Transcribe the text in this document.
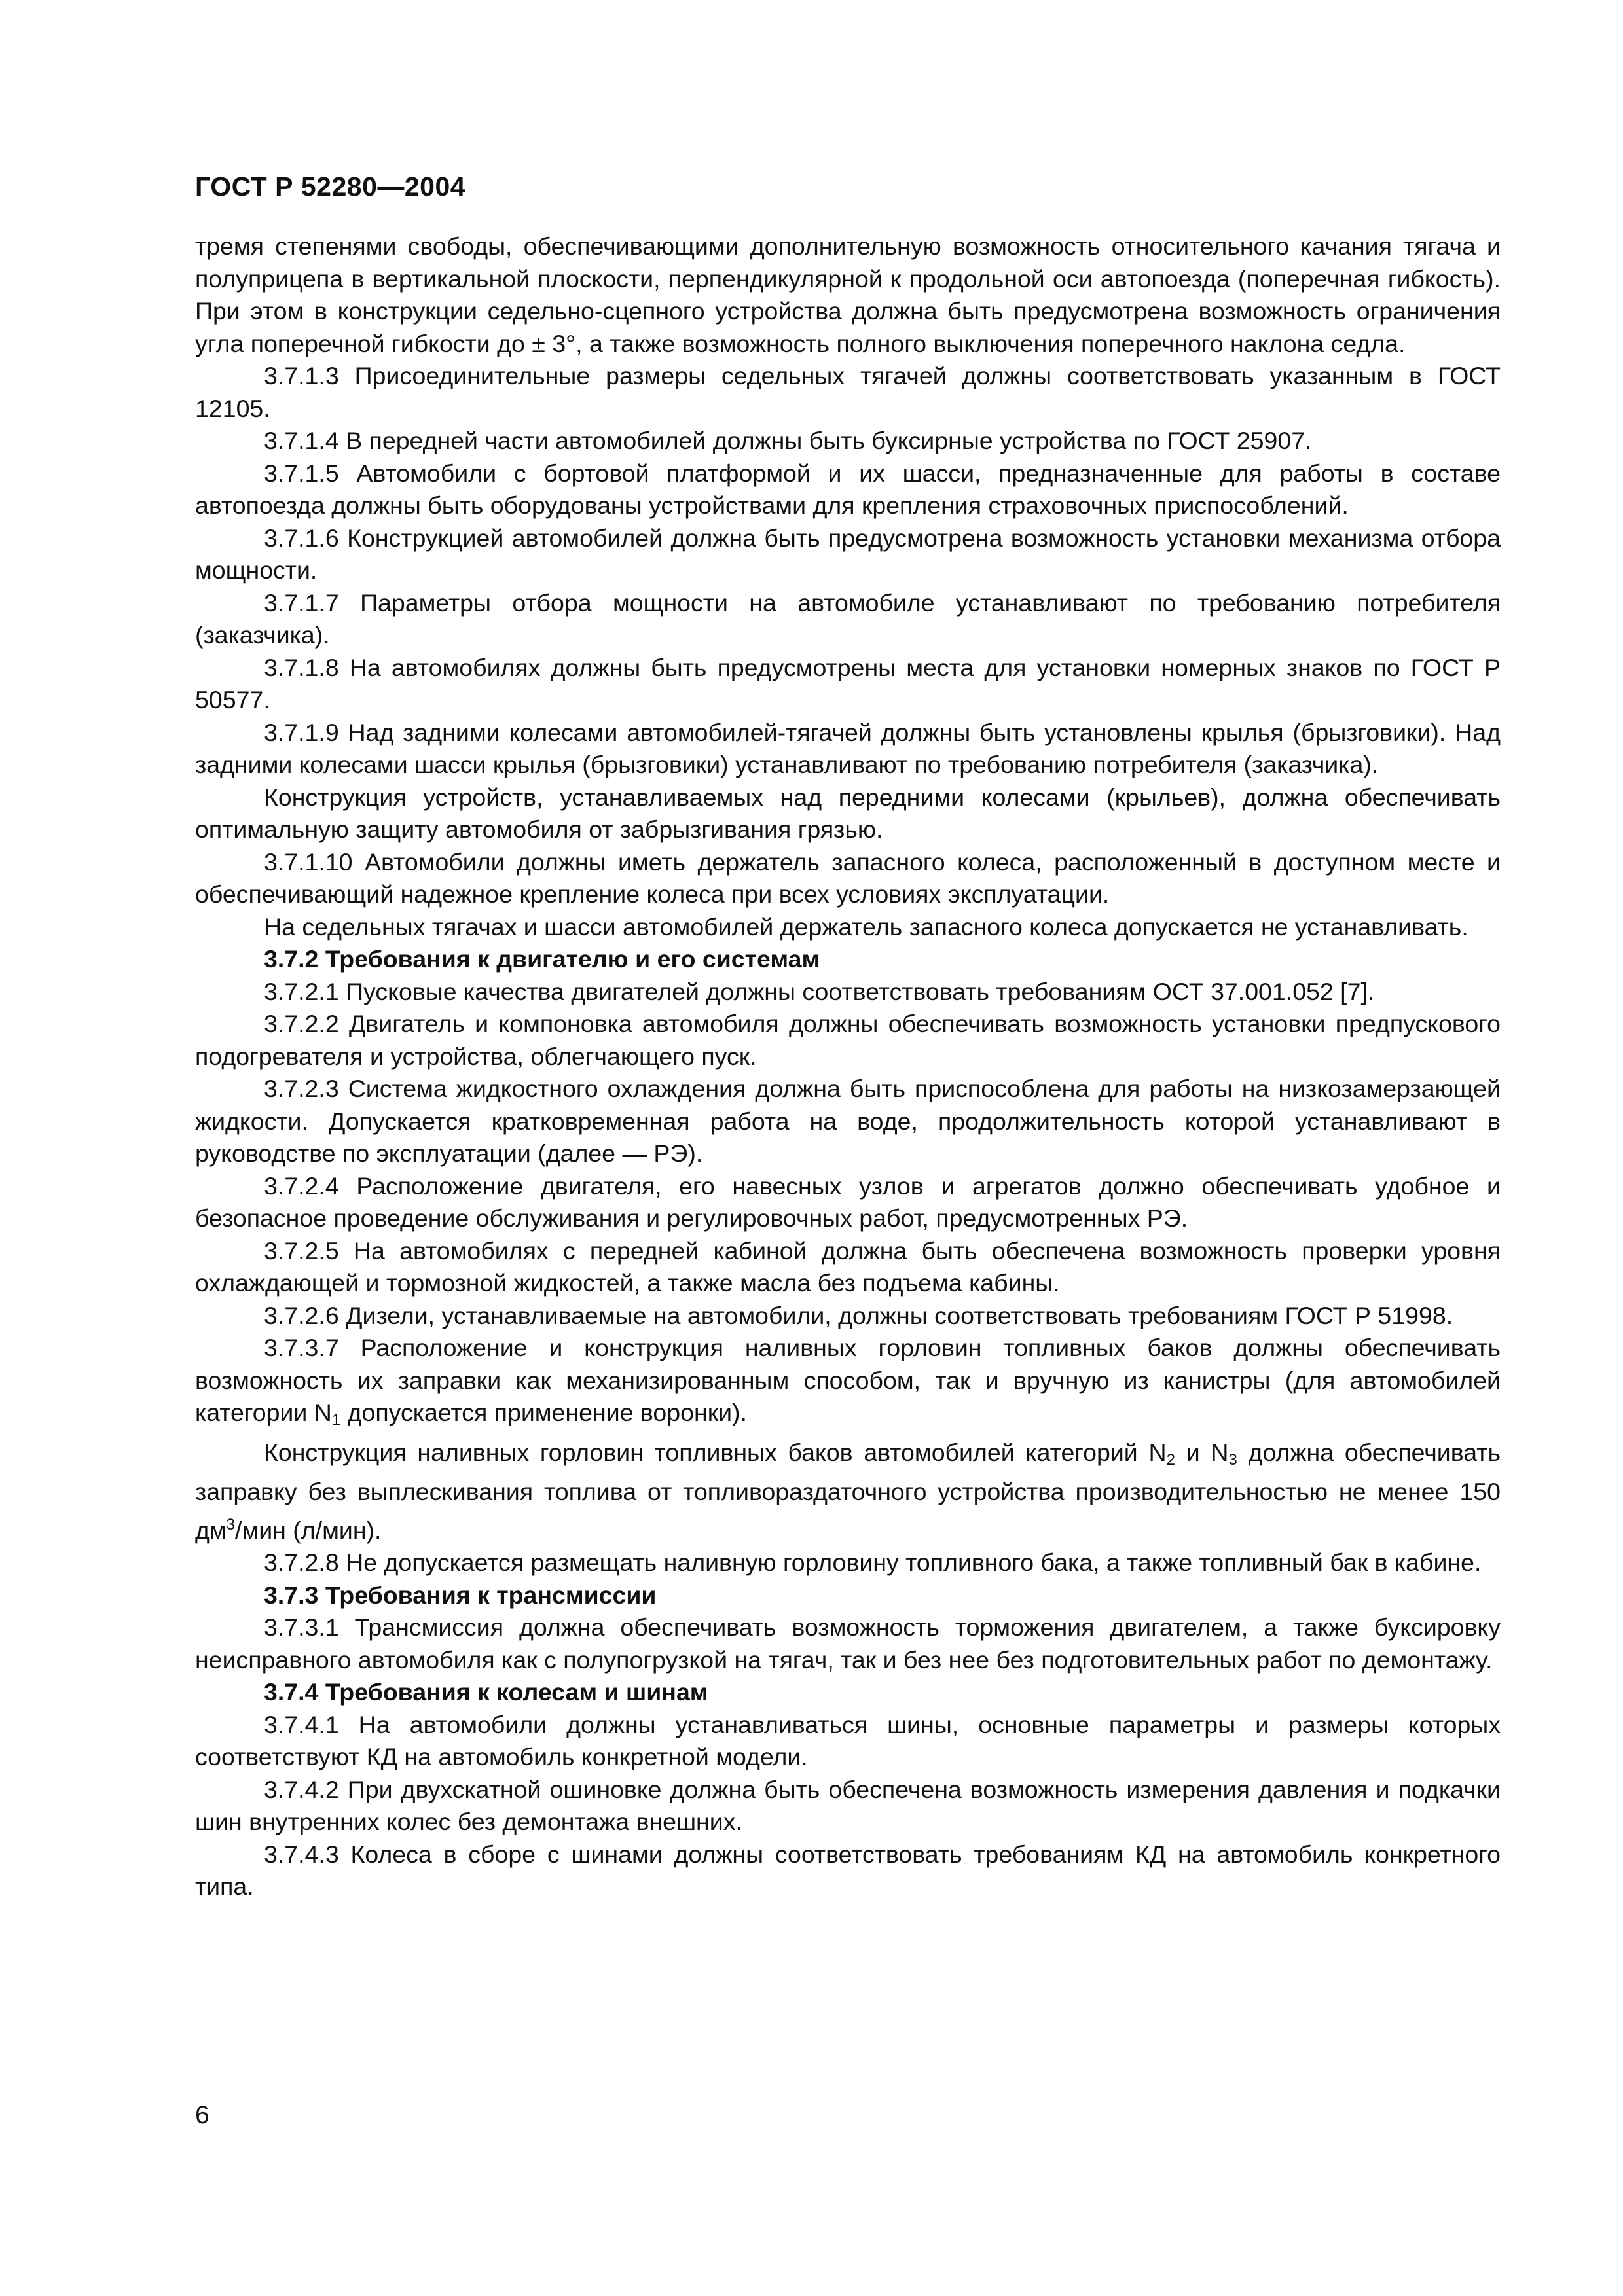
ГОСТ Р 52280—2004

тремя степенями свободы, обеспечивающими дополнительную возможность относительного качания тягача и полуприцепа в вертикальной плоскости, перпендикулярной к продольной оси автопоезда (поперечная гибкость). При этом в конструкции седельно-сцепного устройства должна быть предусмотрена возможность ограничения угла поперечной гибкости до ± 3°, а также возможность полного выключения поперечного наклона седла.

3.7.1.3 Присоединительные размеры седельных тягачей должны соответствовать указанным в ГОСТ 12105.

3.7.1.4 В передней части автомобилей должны быть буксирные устройства по ГОСТ 25907.

3.7.1.5 Автомобили с бортовой платформой и их шасси, предназначенные для работы в составе автопоезда должны быть оборудованы устройствами для крепления страховочных приспособлений.

3.7.1.6 Конструкцией автомобилей должна быть предусмотрена возможность установки механизма отбора мощности.

3.7.1.7 Параметры отбора мощности на автомобиле устанавливают по требованию потребителя (заказчика).

3.7.1.8 На автомобилях должны быть предусмотрены места для установки номерных знаков по ГОСТ Р 50577.

3.7.1.9 Над задними колесами автомобилей-тягачей должны быть установлены крылья (брызговики). Над задними колесами шасси крылья (брызговики) устанавливают по требованию потребителя (заказчика).

Конструкция устройств, устанавливаемых над передними колесами (крыльев), должна обеспечивать оптимальную защиту автомобиля от забрызгивания грязью.

3.7.1.10 Автомобили должны иметь держатель запасного колеса, расположенный в доступном месте и обеспечивающий надежное крепление колеса при всех условиях эксплуатации.

На седельных тягачах и шасси автомобилей держатель запасного колеса допускается не устанавливать.

3.7.2 Требования к двигателю и его системам

3.7.2.1 Пусковые качества двигателей должны соответствовать требованиям ОСТ 37.001.052 [7].

3.7.2.2 Двигатель и компоновка автомобиля должны обеспечивать возможность установки предпускового подогревателя и устройства, облегчающего пуск.

3.7.2.3 Система жидкостного охлаждения должна быть приспособлена для работы на низкозамерзающей жидкости. Допускается кратковременная работа на воде, продолжительность которой устанавливают в руководстве по эксплуатации (далее — РЭ).

3.7.2.4 Расположение двигателя, его навесных узлов и агрегатов должно обеспечивать удобное и безопасное проведение обслуживания и регулировочных работ, предусмотренных РЭ.

3.7.2.5 На автомобилях с передней кабиной должна быть обеспечена возможность проверки уровня охлаждающей и тормозной жидкостей, а также масла без подъема кабины.

3.7.2.6 Дизели, устанавливаемые на автомобили, должны соответствовать требованиям ГОСТ Р 51998.

3.7.3.7 Расположение и конструкция наливных горловин топливных баков должны обеспечивать возможность их заправки как механизированным способом, так и вручную из канистры (для автомобилей категории $N_1$ допускается применение воронки).

Конструкция наливных горловин топливных баков автомобилей категорий $N_2$ и $N_3$ должна обеспечивать заправку без выплескивания топлива от топливораздаточного устройства производительностью не менее 150 $дм^3$/мин (л/мин).

3.7.2.8 Не допускается размещать наливную горловину топливного бака, а также топливный бак в кабине.

3.7.3 Требования к трансмиссии

3.7.3.1 Трансмиссия должна обеспечивать возможность торможения двигателем, а также буксировку неисправного автомобиля как с полупогрузкой на тягач, так и без нее без подготовительных работ по демонтажу.

3.7.4 Требования к колесам и шинам

3.7.4.1 На автомобили должны устанавливаться шины, основные параметры и размеры которых соответствуют КД на автомобиль конкретной модели.

3.7.4.2 При двухскатной ошиновке должна быть обеспечена возможность измерения давления и подкачки шин внутренних колес без демонтажа внешних.

3.7.4.3 Колеса в сборе с шинами должны соответствовать требованиям КД на автомобиль конкретного типа.

6
